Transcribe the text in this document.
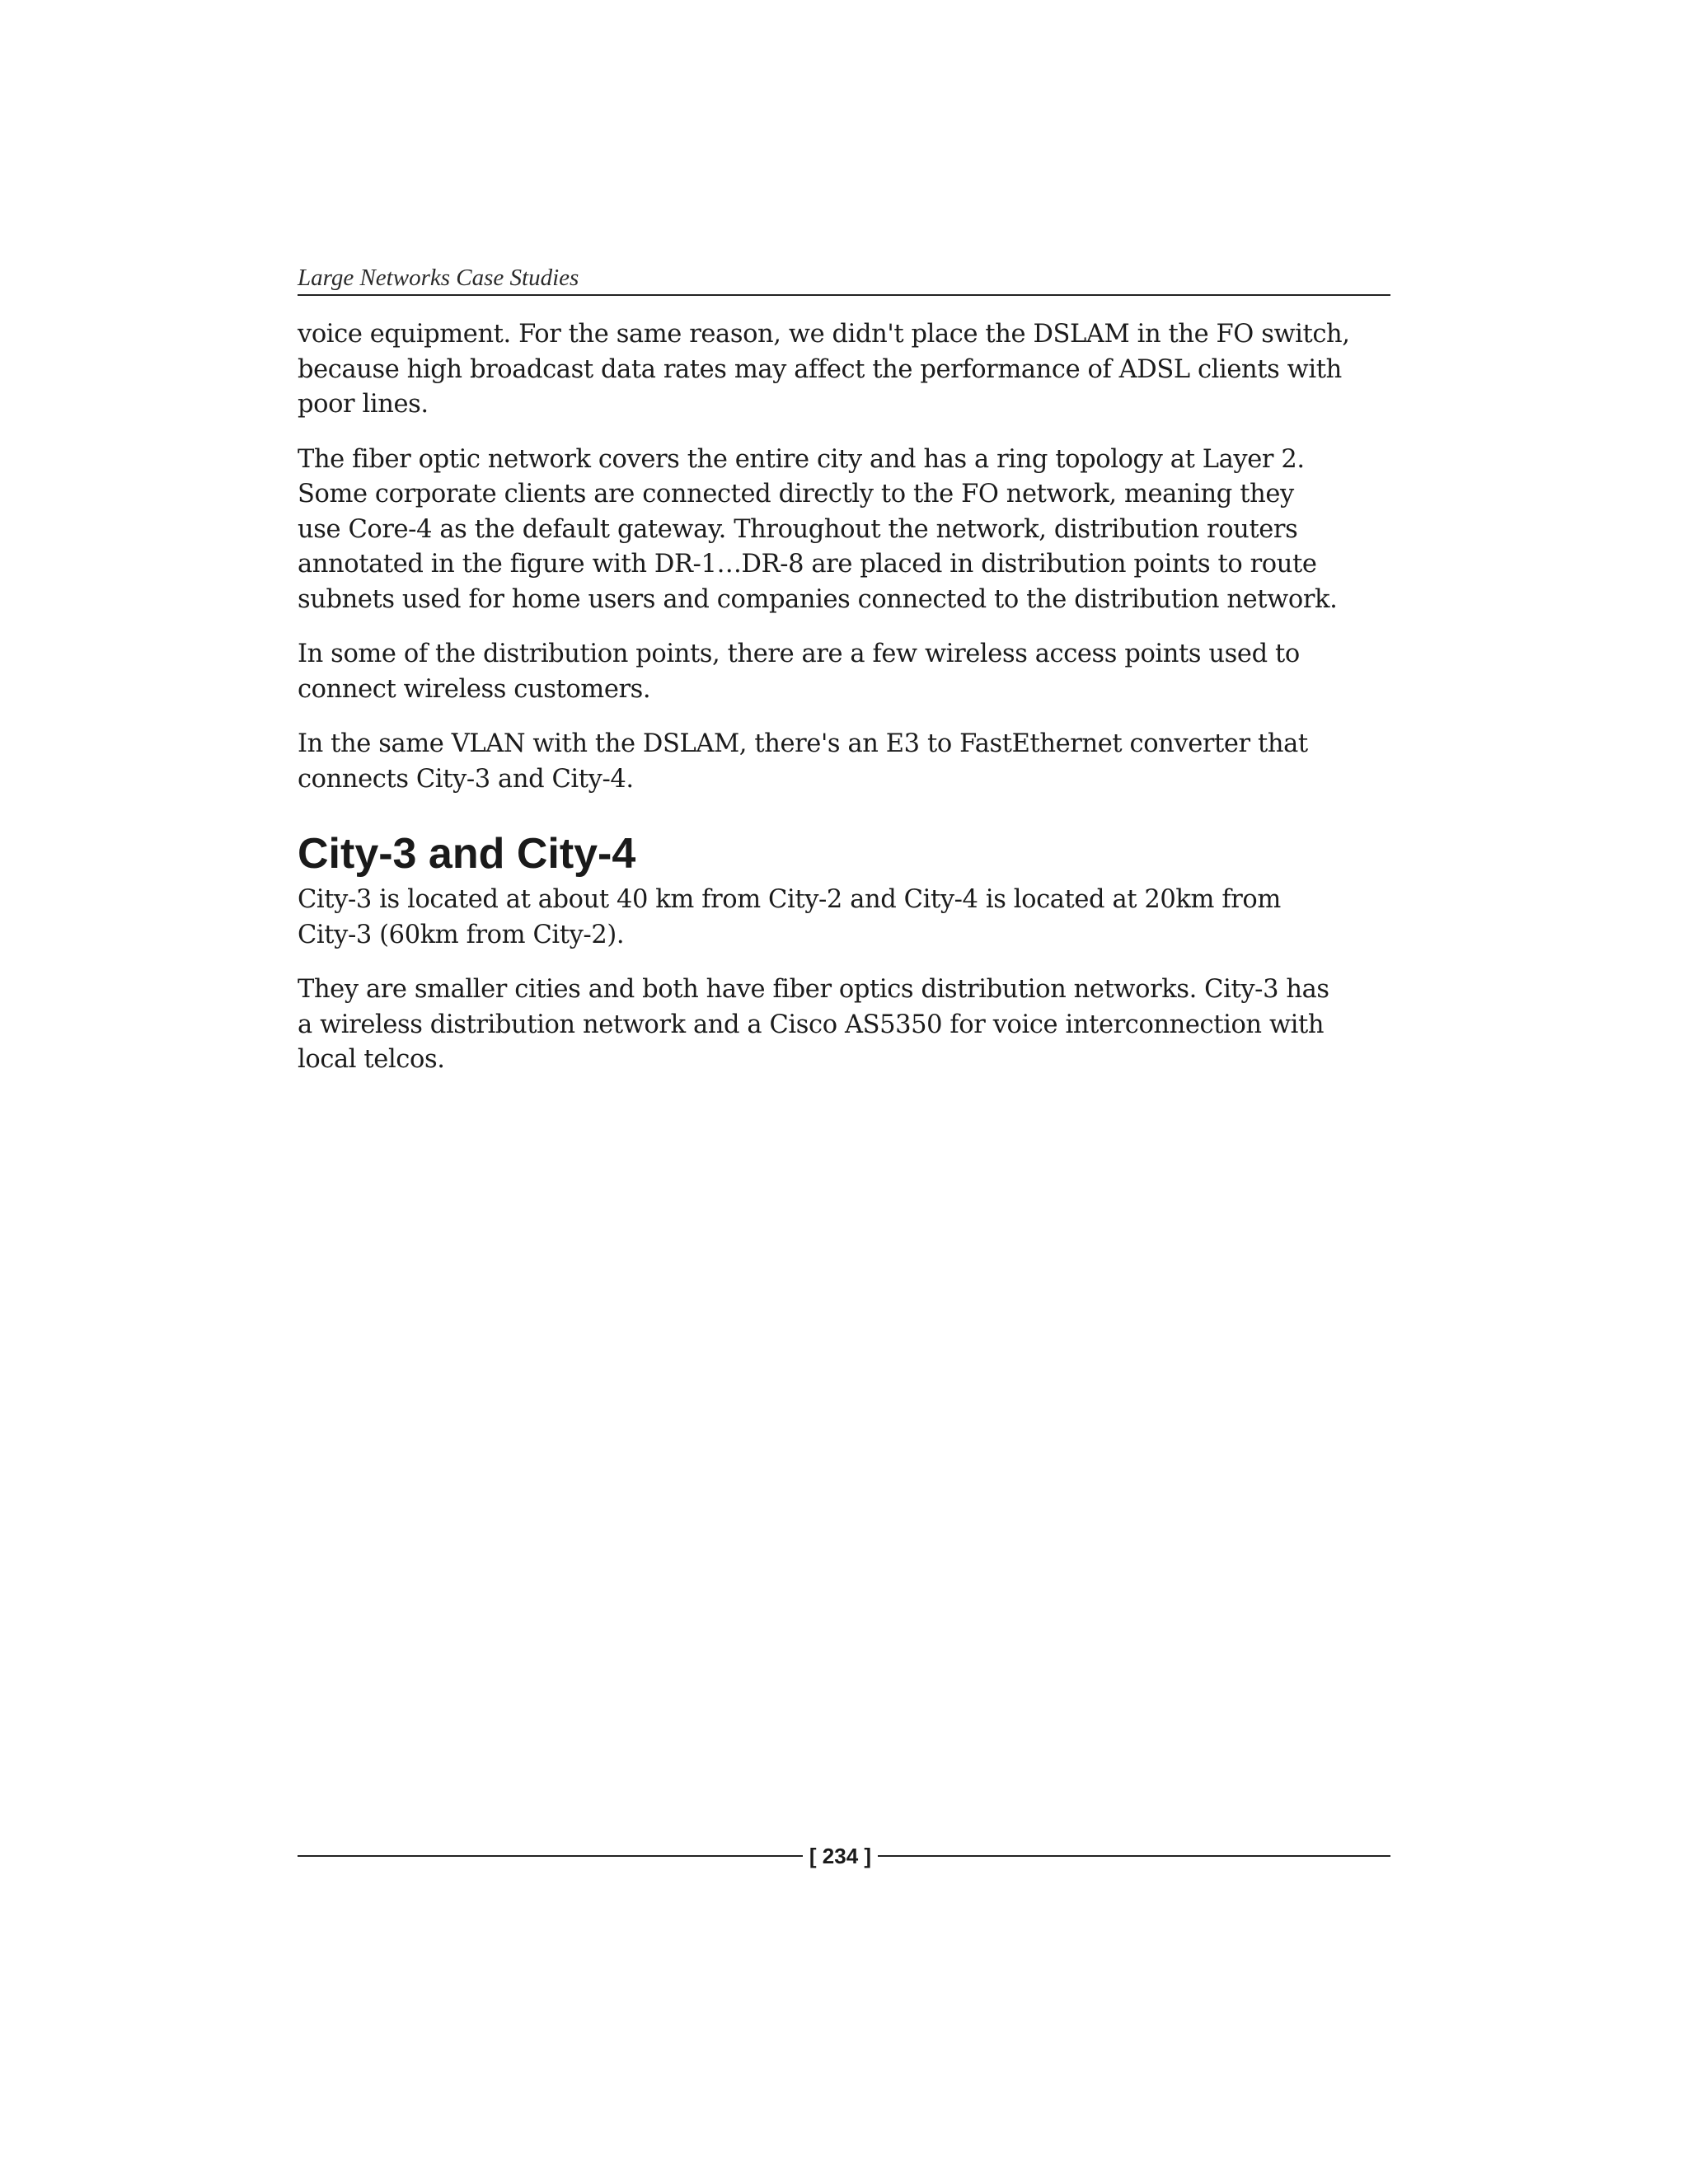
Large Networks Case Studies

voice equipment. For the same reason, we didn't place the DSLAM in the FO switch,
because high broadcast data rates may affect the performance of ADSL clients with
poor lines.

The fiber optic network covers the entire city and has a ring topology at Layer 2.
Some corporate clients are connected directly to the FO network, meaning they
use Core-4 as the default gateway. Throughout the network, distribution routers
annotated in the figure with DR-1…DR-8 are placed in distribution points to route
subnets used for home users and companies connected to the distribution network.

In some of the distribution points, there are a few wireless access points used to
connect wireless customers.

In the same VLAN with the DSLAM, there's an E3 to FastEthernet converter that
connects City-3 and City-4.

City-3 and City-4

City-3 is located at about 40 km from City-2 and City-4 is located at 20km from
City-3 (60km from City-2).

They are smaller cities and both have fiber optics distribution networks. City-3 has
a wireless distribution network and a Cisco AS5350 for voice interconnection with
local telcos.

[ 234 ]
